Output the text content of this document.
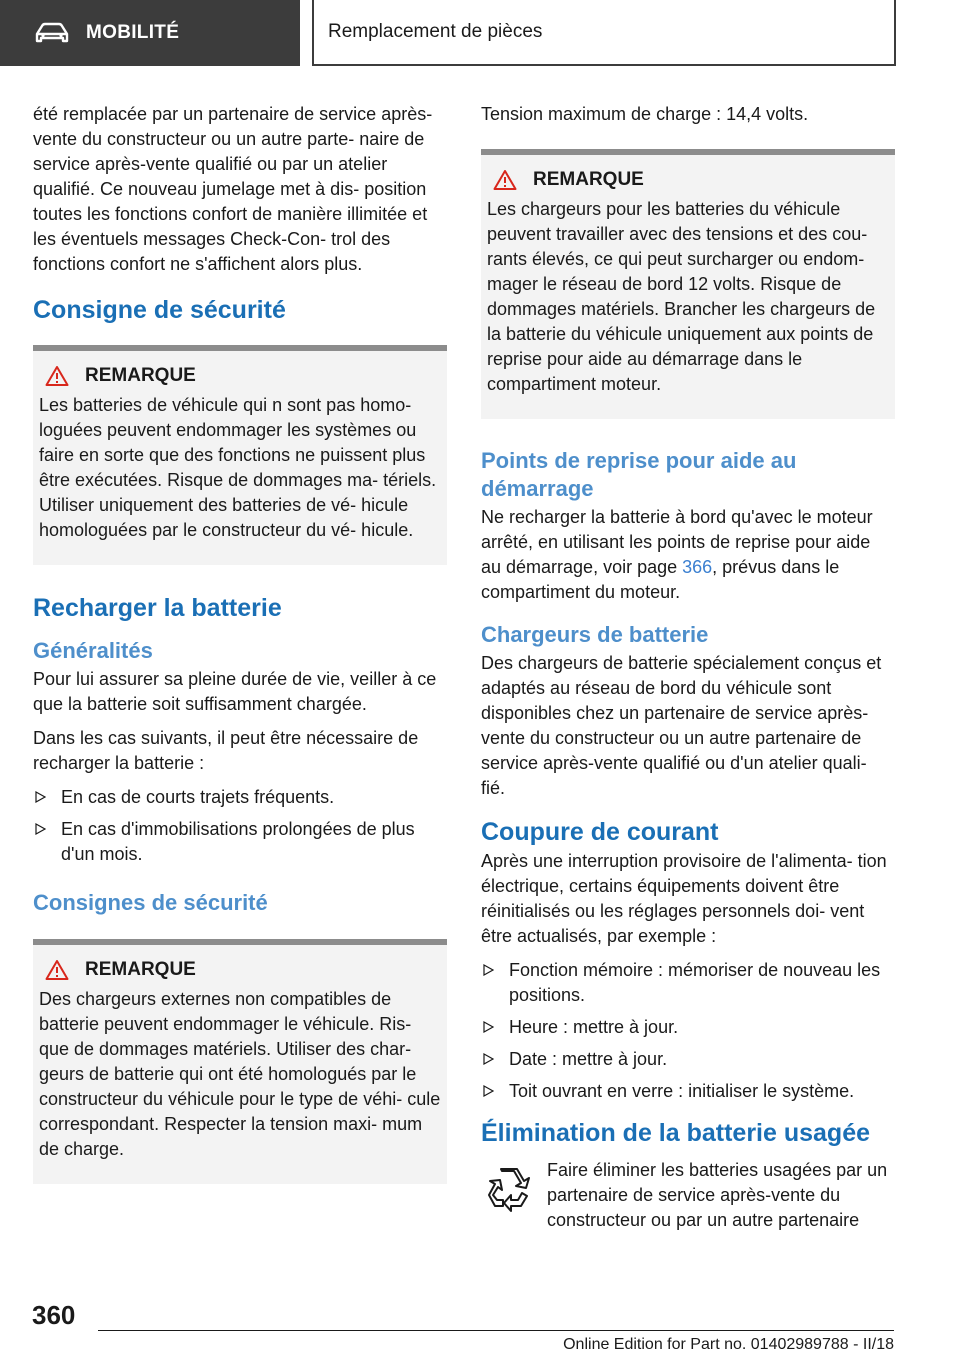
MOBILITÉ	Remplacement de pièces

été remplacée par un partenaire de service après-vente du constructeur ou un autre parte- naire de service après-vente qualifié ou par un atelier qualifié. Ce nouveau jumelage met à dis- position toutes les fonctions confort de manière illimitée et les éventuels messages Check-Con- trol des fonctions confort ne s'affichent alors plus.

Consigne de sécurité
REMARQUE

Les batteries de véhicule qui n sont pas homo- loguées peuvent endommager les systèmes ou faire en sorte que des fonctions ne puissent plus être exécutées. Risque de dommages ma- tériels. Utiliser uniquement des batteries de vé- hicule homologuées par le constructeur du vé- hicule.

Recharger la batterie
Généralités

Pour lui assurer sa pleine durée de vie, veiller à ce que la batterie soit suffisamment chargée.

Dans les cas suivants, il peut être nécessaire de recharger la batterie :

En cas de courts trajets fréquents.
En cas d'immobilisations prolongées de plus d'un mois.
Consignes de sécurité
REMARQUE

Des chargeurs externes non compatibles de batterie peuvent endommager le véhicule. Ris- que de dommages matériels. Utiliser des char- geurs de batterie qui ont été homologués par le constructeur du véhicule pour le type de véhi- cule correspondant. Respecter la tension maxi- mum de charge.

Tension maximum de charge : 14,4 volts.

REMARQUE

Les chargeurs pour les batteries du véhicule peuvent travailler avec des tensions et des cou- rants élevés, ce qui peut surcharger ou endom- mager le réseau de bord 12 volts. Risque de dommages matériels. Brancher les chargeurs de la batterie du véhicule uniquement aux points de reprise pour aide au démarrage dans le compartiment moteur.

Points de reprise pour aide au démarrage

Ne recharger la batterie à bord qu'avec le moteur arrêté, en utilisant les points de reprise pour aide au démarrage, voir page 366, prévus dans le compartiment du moteur.

Chargeurs de batterie

Des chargeurs de batterie spécialement conçus et adaptés au réseau de bord du véhicule sont disponibles chez un partenaire de service après- vente du constructeur ou un autre partenaire de service après-vente qualifié ou d'un atelier quali- fié.

Coupure de courant

Après une interruption provisoire de l'alimenta- tion électrique, certains équipements doivent être réinitialisés ou les réglages personnels doi- vent être actualisés, par exemple :

Fonction mémoire : mémoriser de nouveau les positions.
Heure : mettre à jour.
Date : mettre à jour.
Toit ouvrant en verre : initialiser le système.
Élimination de la batterie usagée

Faire éliminer les batteries usagées par un partenaire de service après-vente du constructeur ou par un autre partenaire

360
Online Edition for Part no. 01402989788 - II/18
